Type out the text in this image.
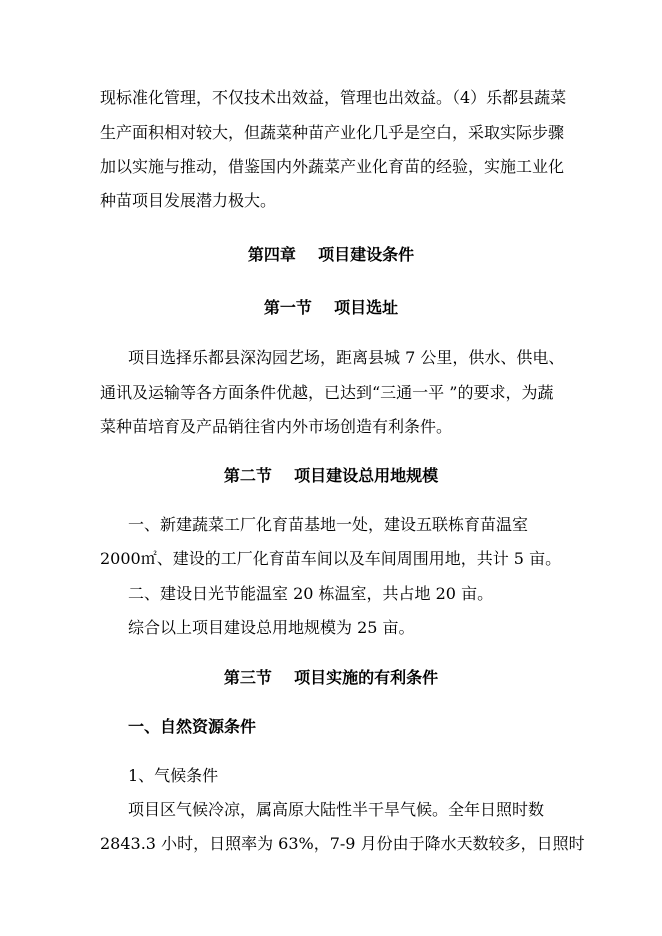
现标准化管理，不仅技术出效益，管理也出效益。（4）乐都县蔬菜
生产面积相对较大，但蔬菜种苗产业化几乎是空白，采取实际步骤
加以实施与推动，借鉴国内外蔬菜产业化育苗的经验，实施工业化
种苗项目发展潜力极大。
第四章    项目建设条件
第一节    项目选址
项目选择乐都县深沟园艺场，距离县城 7 公里，供水、供电、
通讯及运输等各方面条件优越，已达到“三通一平 ”的要求，为蔬
菜种苗培育及产品销往省内外市场创造有利条件。
第二节    项目建设总用地规模
一、新建蔬菜工厂化育苗基地一处，建设五联栋育苗温室
2000㎡、建设的工厂化育苗车间以及车间周围用地，共计 5 亩。
二、建设日光节能温室 20 栋温室，共占地 20 亩。
综合以上项目建设总用地规模为 25 亩。
第三节    项目实施的有利条件
一、自然资源条件
1、气候条件
项目区气候冷凉，属高原大陆性半干旱气候。全年日照时数
2843.3 小时，日照率为 63%，7-9 月份由于降水天数较多，日照时
